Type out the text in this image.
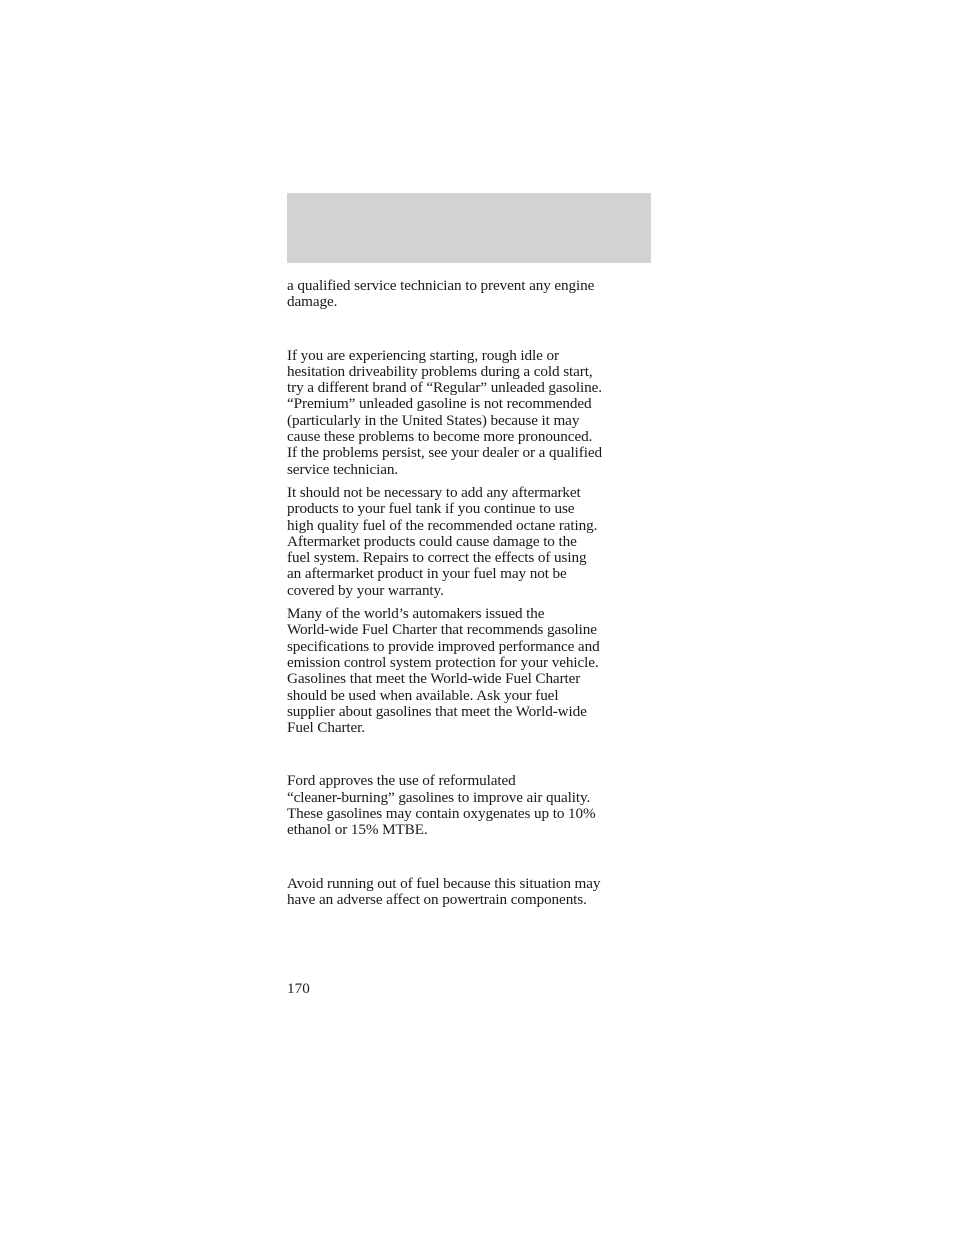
a qualified service technician to prevent any engine
damage.

If you are experiencing starting, rough idle or
hesitation driveability problems during a cold start,
try a different brand of “Regular” unleaded gasoline.
“Premium” unleaded gasoline is not recommended
(particularly in the United States) because it may
cause these problems to become more pronounced.
If the problems persist, see your dealer or a qualified
service technician.

It should not be necessary to add any aftermarket
products to your fuel tank if you continue to use
high quality fuel of the recommended octane rating.
Aftermarket products could cause damage to the
fuel system. Repairs to correct the effects of using
an aftermarket product in your fuel may not be
covered by your warranty.

Many of the world’s automakers issued the
World-wide Fuel Charter that recommends gasoline
specifications to provide improved performance and
emission control system protection for your vehicle.
Gasolines that meet the World-wide Fuel Charter
should be used when available. Ask your fuel
supplier about gasolines that meet the World-wide
Fuel Charter.

Ford approves the use of reformulated
“cleaner-burning” gasolines to improve air quality.
These gasolines may contain oxygenates up to 10%
ethanol or 15% MTBE.

Avoid running out of fuel because this situation may
have an adverse affect on powertrain components.

170
